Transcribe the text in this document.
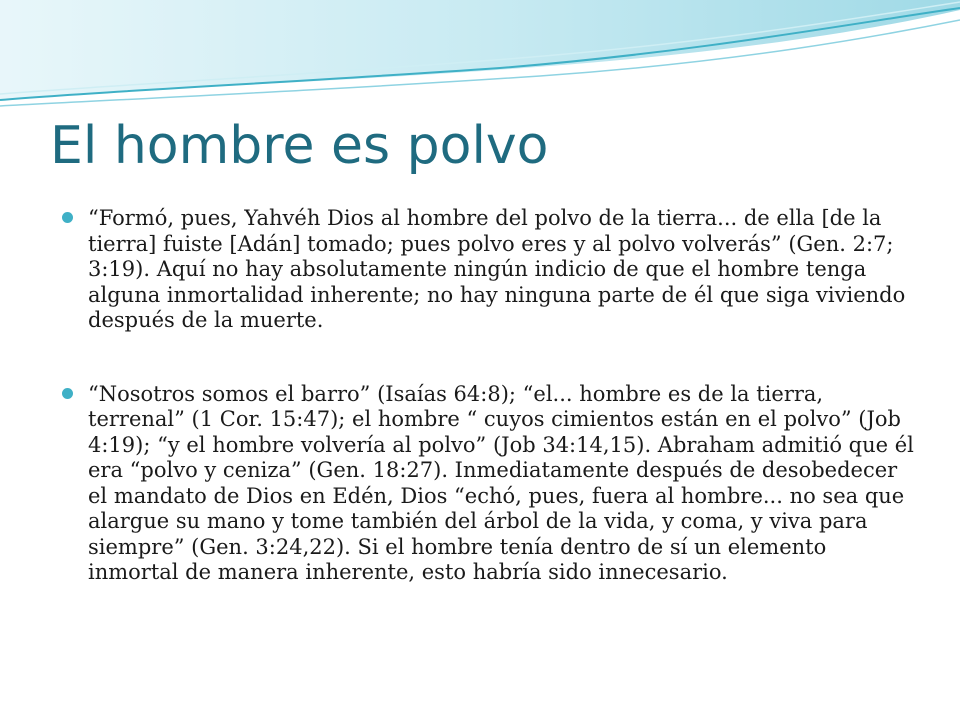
El hombre es polvo
“Formó, pues, Yahvéh Dios al hombre del polvo de la tierra... de ella [de la tierra] fuiste [Adán] tomado; pues polvo eres y al polvo volverás” (Gen. 2:7; 3:19). Aquí no hay absolutamente ningún indicio de que el hombre tenga alguna inmortalidad inherente; no hay ninguna parte de él que siga viviendo después de la muerte.
“Nosotros somos el barro” (Isaías 64:8); “el... hombre es de la tierra, terrenal” (1 Cor. 15:47); el hombre “ cuyos cimientos están en el polvo” (Job 4:19); “y el hombre volvería al polvo” (Job 34:14,15). Abraham admitió que él era “polvo y ceniza” (Gen. 18:27). Inmediatamente después de desobedecer el mandato de Dios en Edén, Dios “echó, pues, fuera al hombre... no sea que alargue su mano y tome también del árbol de la vida, y coma, y viva para siempre” (Gen. 3:24,22). Si el hombre tenía dentro de sí un elemento inmortal de manera inherente, esto habría sido innecesario.
